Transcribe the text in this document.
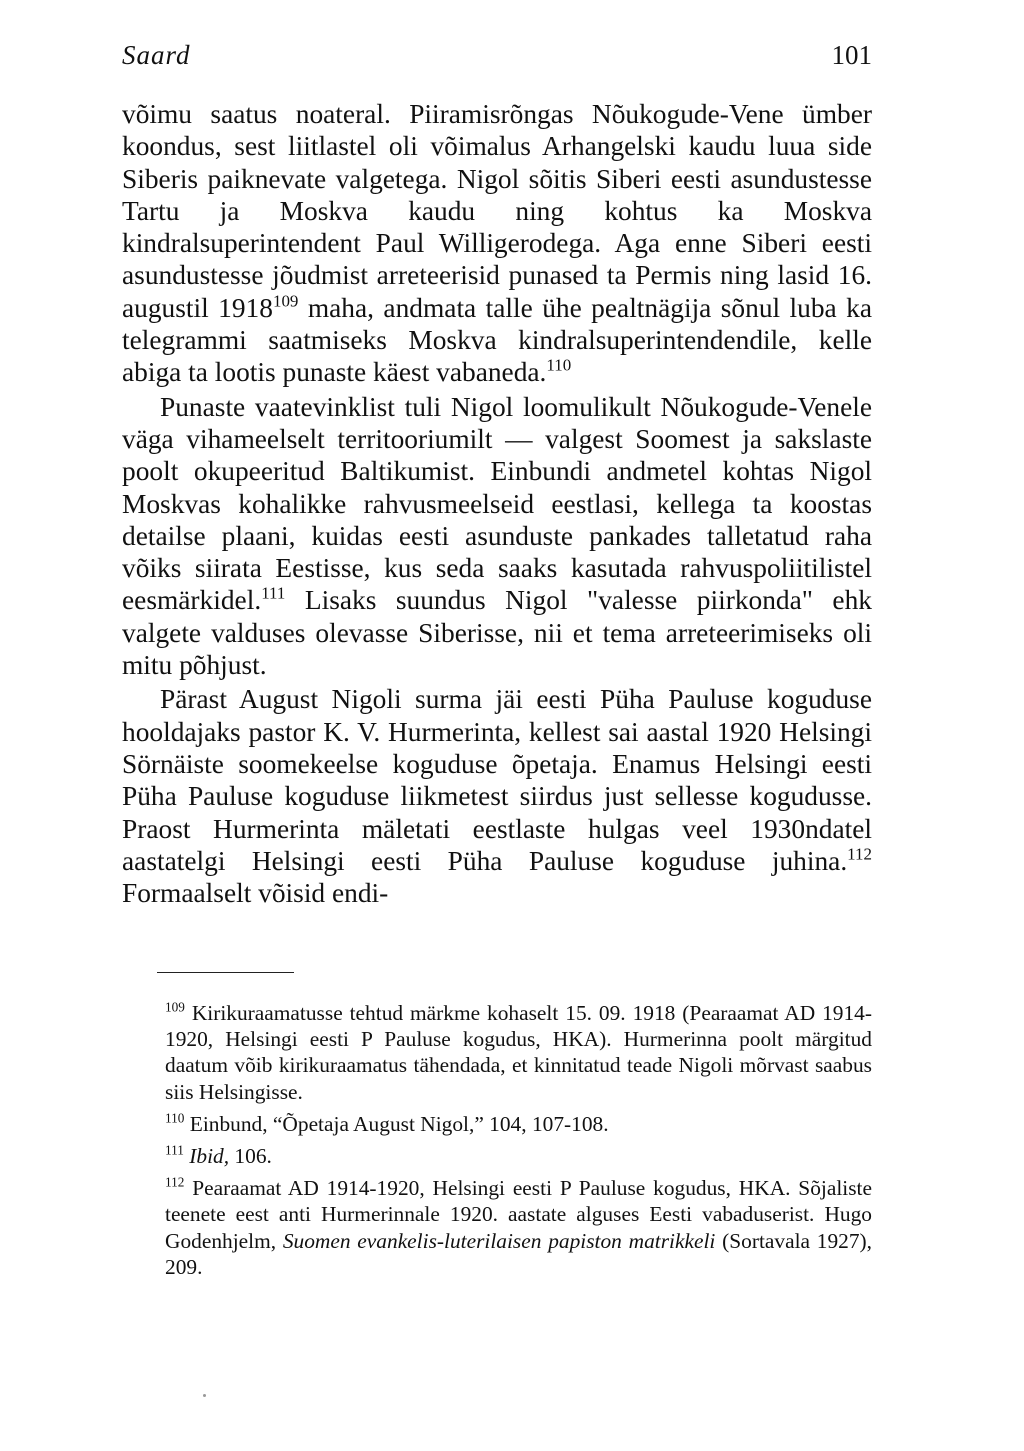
Saard	101

võimu saatus noateral. Piiramisrõngas Nõukogude-Vene ümber koondus, sest liitlastel oli võimalus Arhangelski kaudu luua side Siberis paiknevate valgetega. Nigol sõitis Siberi eesti asundustesse Tartu ja Moskva kaudu ning kohtus ka Moskva kindralsuperintendent Paul Willigerodega. Aga enne Siberi eesti asundustesse jõudmist arreteerisid punased ta Permis ning lasid 16. augustil 1918$^{109}$ maha, andmata talle ühe pealtnägija sõnul luba ka telegrammi saatmiseks Moskva kindralsuperintendendile, kelle abiga ta lootis punaste käest vabaneda.$^{110}$

Punaste vaatevinklist tuli Nigol loomulikult Nõukogude-Venele väga vihameelselt territooriumilt — valgest Soomest ja sakslaste poolt okupeeritud Baltikumist. Einbundi andmetel kohtas Nigol Moskvas kohalikke rahvusmeelseid eestlasi, kellega ta koostas detailse plaani, kuidas eesti asunduste pankades talletatud raha võiks siirata Eestisse, kus seda saaks kasutada rahvuspoliitilistel eesmärkidel.$^{111}$ Lisaks suundus Nigol "valesse piirkonda" ehk valgete valduses olevasse Siberisse, nii et tema arreteerimiseks oli mitu põhjust.

Pärast August Nigoli surma jäi eesti Püha Pauluse koguduse hooldajaks pastor K. V. Hurmerinta, kellest sai aastal 1920 Helsingi Sörnäiste soomekeelse koguduse õpetaja. Enamus Helsingi eesti Püha Pauluse koguduse liikmetest siirdus just sellesse kogudusse. Praost Hurmerinta mäletati eestlaste hulgas veel 1930ndatel aastatelgi Helsingi eesti Püha Pauluse koguduse juhina.$^{112}$ Formaalselt võisid endi-

$^{109}$ Kirikuraamatusse tehtud märkme kohaselt 15. 09. 1918 (Pearaamat AD 1914-1920, Helsingi eesti P Pauluse kogudus, HKA). Hurmerinna poolt märgitud daatum võib kirikuraamatus tähendada, et kinnitatud teade Nigoli mõrvast saabus siis Helsingisse.

$^{110}$ Einbund, “Õpetaja August Nigol,” 104, 107-108.

$^{111}$ Ibid, 106.

$^{112}$ Pearaamat AD 1914-1920, Helsingi eesti P Pauluse kogudus, HKA. Sõjaliste teenete eest anti Hurmerinnale 1920. aastate alguses Eesti vabaduserist. Hugo Godenhjelm, Suomen evankelis-luterilaisen papiston matrikkeli (Sortavala 1927), 209.
